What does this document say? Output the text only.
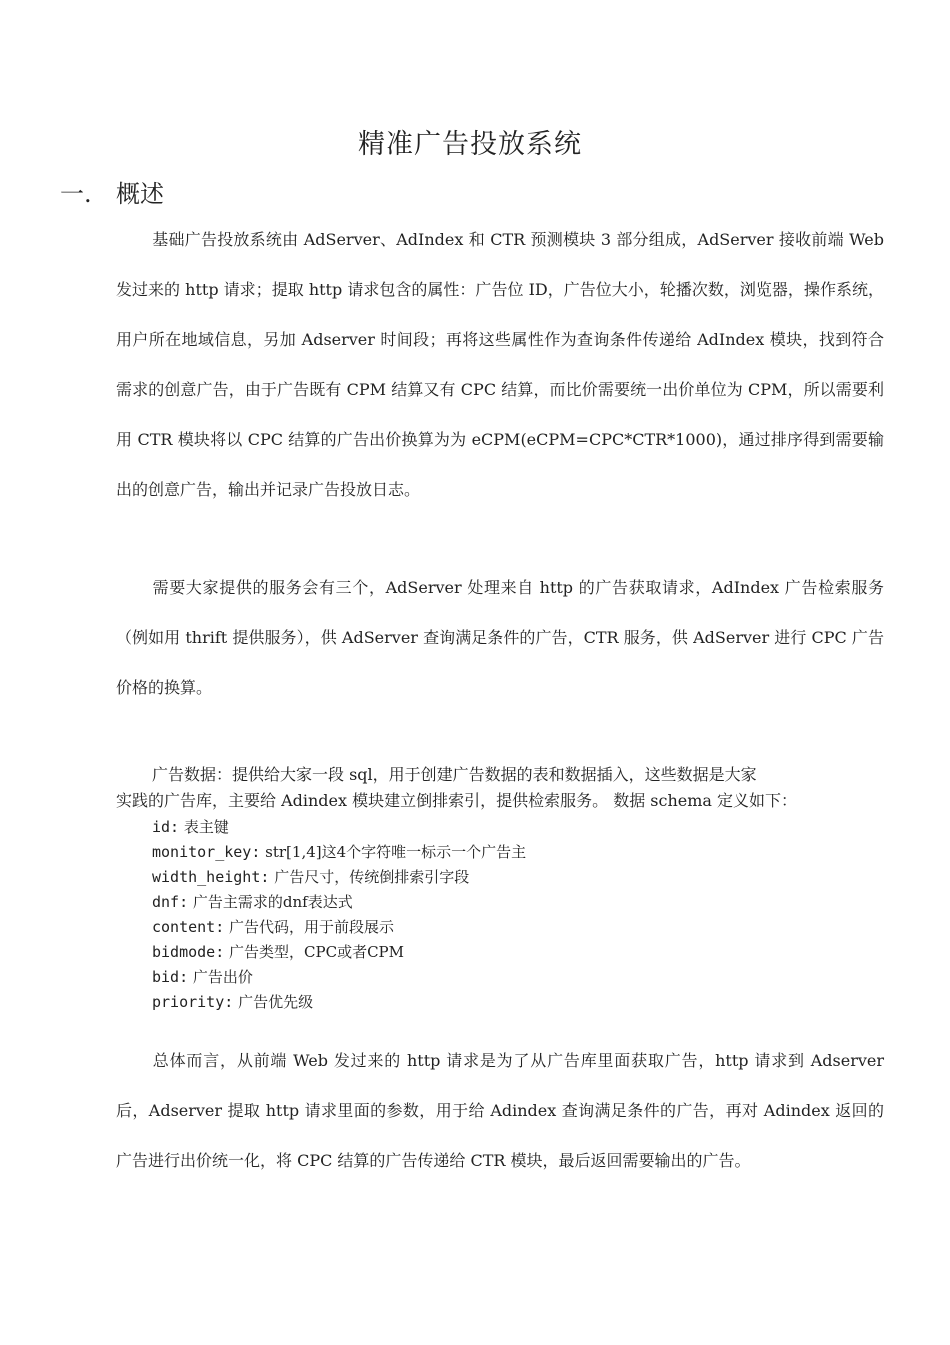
精准广告投放系统
一. 概述

基础广告投放系统由 AdServer、AdIndex 和 CTR 预测模块 3 部分组成，AdServer 接收前端 Web 发过来的 http 请求；提取 http 请求包含的属性：广告位 ID，广告位大小，轮播次数，浏览器，操作系统，用户所在地域信息，另加 Adserver 时间段；再将这些属性作为查询条件传递给 AdIndex 模块，找到符合需求的创意广告，由于广告既有 CPM 结算又有 CPC 结算，而比价需要统一出价单位为 CPM，所以需要利用 CTR 模块将以 CPC 结算的广告出价换算为为 eCPM(eCPM=CPC*CTR*1000)，通过排序得到需要输出的创意广告，输出并记录广告投放日志。

需要大家提供的服务会有三个，AdServer 处理来自 http 的广告获取请求，AdIndex 广告检索服务（例如用 thrift 提供服务），供 AdServer 查询满足条件的广告，CTR 服务，供 AdServer 进行 CPC 广告价格的换算。

广告数据：提供给大家一段 sql，用于创建广告数据的表和数据插入，这些数据是大家
实践的广告库，主要给 Adindex 模块建立倒排索引，提供检索服务。 数据 schema 定义如下：
id: 表主键
monitor_key: str[1,4]这4个字符唯一标示一个广告主
width_height: 广告尺寸，传统倒排索引字段
dnf: 广告主需求的dnf表达式
content: 广告代码，用于前段展示
bidmode: 广告类型，CPC或者CPM
bid: 广告出价
priority: 广告优先级

总体而言，从前端 Web 发过来的 http 请求是为了从广告库里面获取广告，http 请求到 Adserver 后，Adserver 提取 http 请求里面的参数，用于给 Adindex 查询满足条件的广告，再对 Adindex 返回的广告进行出价统一化，将 CPC 结算的广告传递给 CTR 模块，最后返回需要输出的广告。
